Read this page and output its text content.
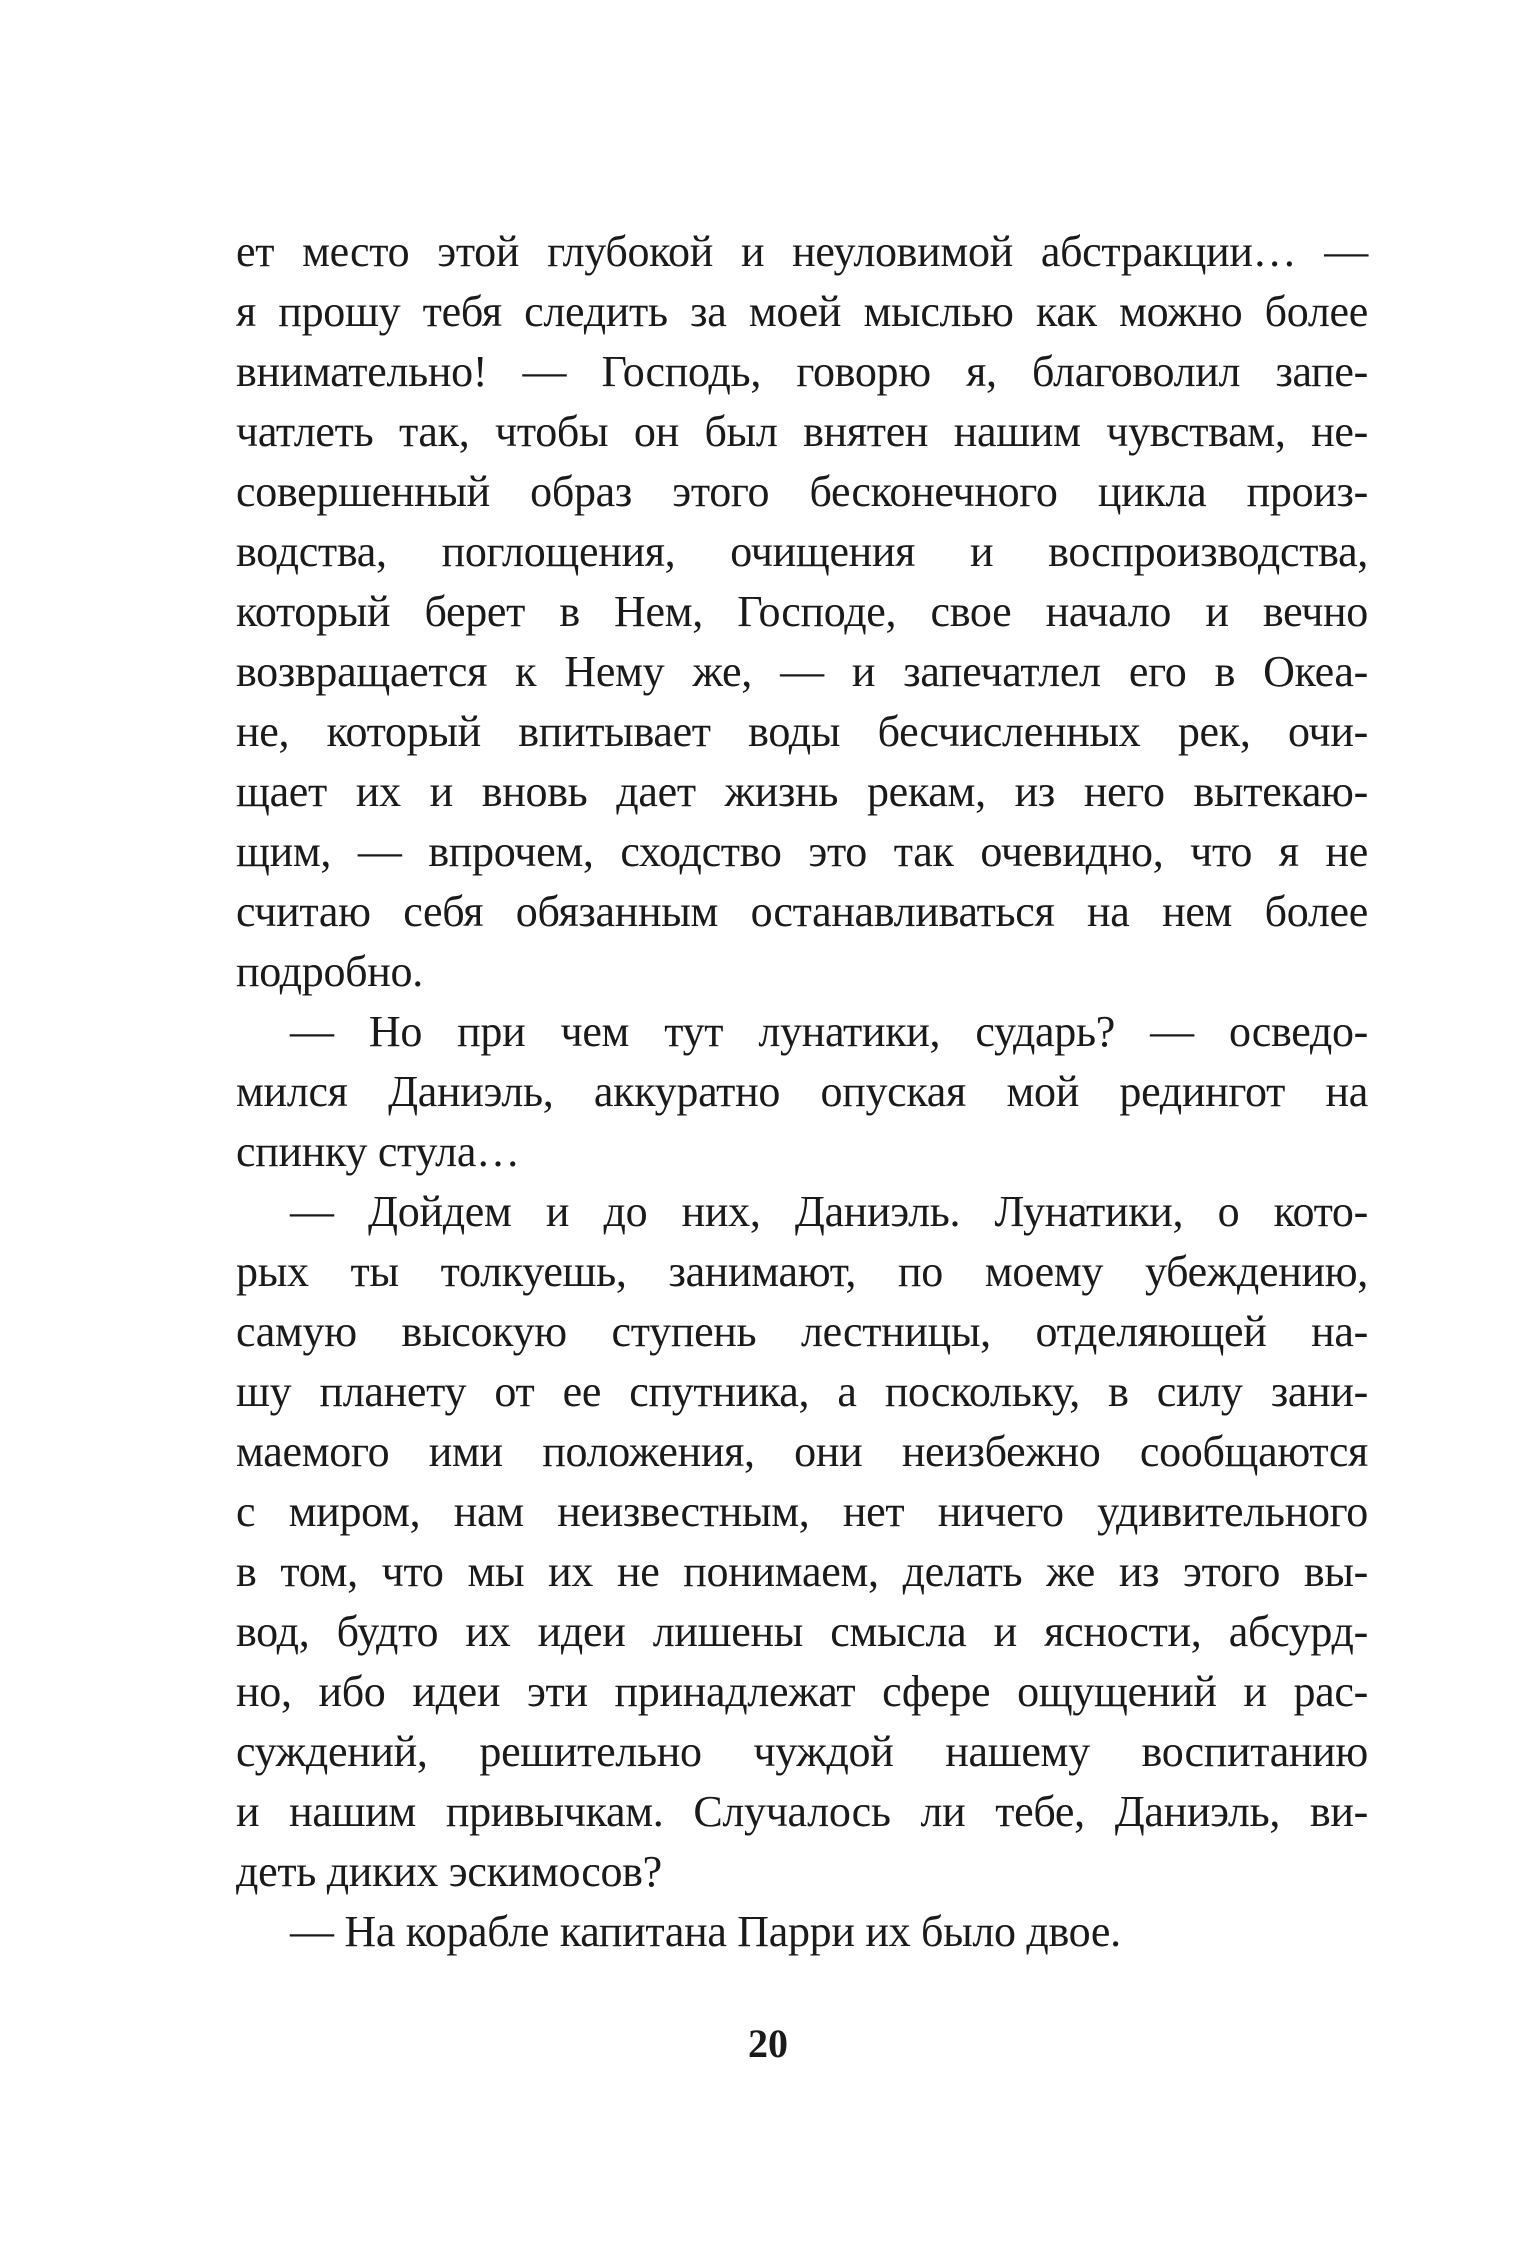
ет место этой глубокой и неуловимой абстракции… —
я прошу тебя следить за моей мыслью как можно более
внимательно! — Господь, говорю я, благоволил запе-
чатлеть так, чтобы он был внятен нашим чувствам, не-
совершенный образ этого бесконечного цикла произ-
водства, поглощения, очищения и воспроизводства,
который берет в Нем, Господе, свое начало и вечно
возвращается к Нему же, — и запечатлел его в Океа-
не, который впитывает воды бесчисленных рек, очи-
щает их и вновь дает жизнь рекам, из него вытекаю-
щим, — впрочем, сходство это так очевидно, что я не
считаю себя обязанным останавливаться на нем более
подробно.
— Но при чем тут лунатики, сударь? — осведо-
мился Даниэль, аккуратно опуская мой редингот на
спинку стула…
— Дойдем и до них, Даниэль. Лунатики, о кото-
рых ты толкуешь, занимают, по моему убеждению,
самую высокую ступень лестницы, отделяющей на-
шу планету от ее спутника, а поскольку, в силу зани-
маемого ими положения, они неизбежно сообщаются
с миром, нам неизвестным, нет ничего удивительного
в том, что мы их не понимаем, делать же из этого вы-
вод, будто их идеи лишены смысла и ясности, абсурд-
но, ибо идеи эти принадлежат сфере ощущений и рас-
суждений, решительно чуждой нашему воспитанию
и нашим привычкам. Случалось ли тебе, Даниэль, ви-
деть диких эскимосов?
— На корабле капитана Парри их было двое.
20
